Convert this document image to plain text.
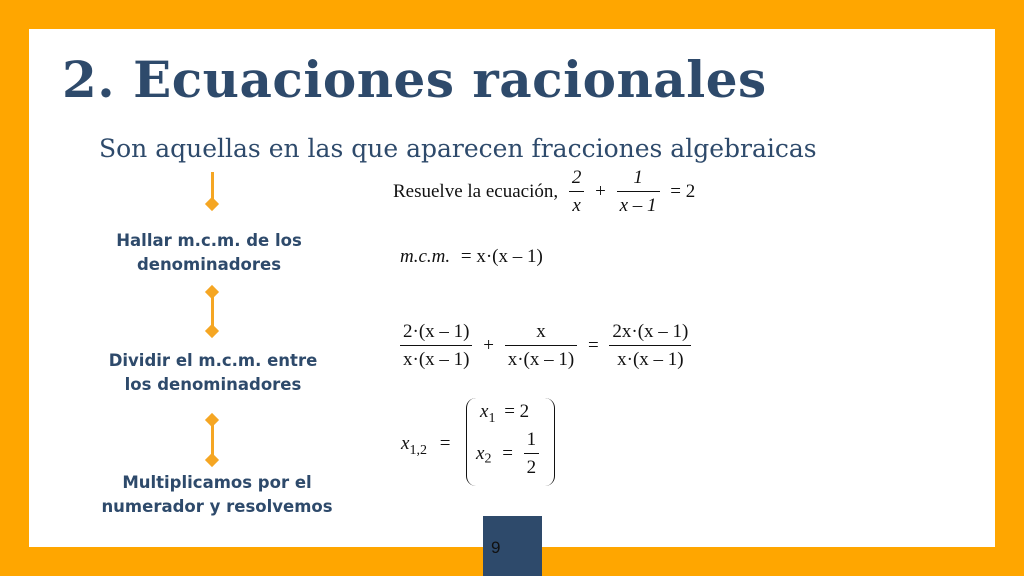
2. Ecuaciones racionales
Son aquellas en las que aparecen fracciones algebraicas
Hallar m.c.m. de los
denominadores
Dividir el m.c.m. entre
los denominadores
Multiplicamos por el
numerador y resolvemos
Resuelve la ecuación, $\frac{2}{x} + \frac{1}{x - 1} = 2$
m.c.m. = x·(x – 1)
$\frac{2\cdot(x - 1)}{x\cdot(x - 1)} + \frac{x}{x\cdot(x - 1)} = \frac{2x\cdot(x - 1)}{x\cdot(x - 1)}$
$x_{1,2}$ =
$x_1 = 2$
$x_2 = \frac{1}{2}$
9
